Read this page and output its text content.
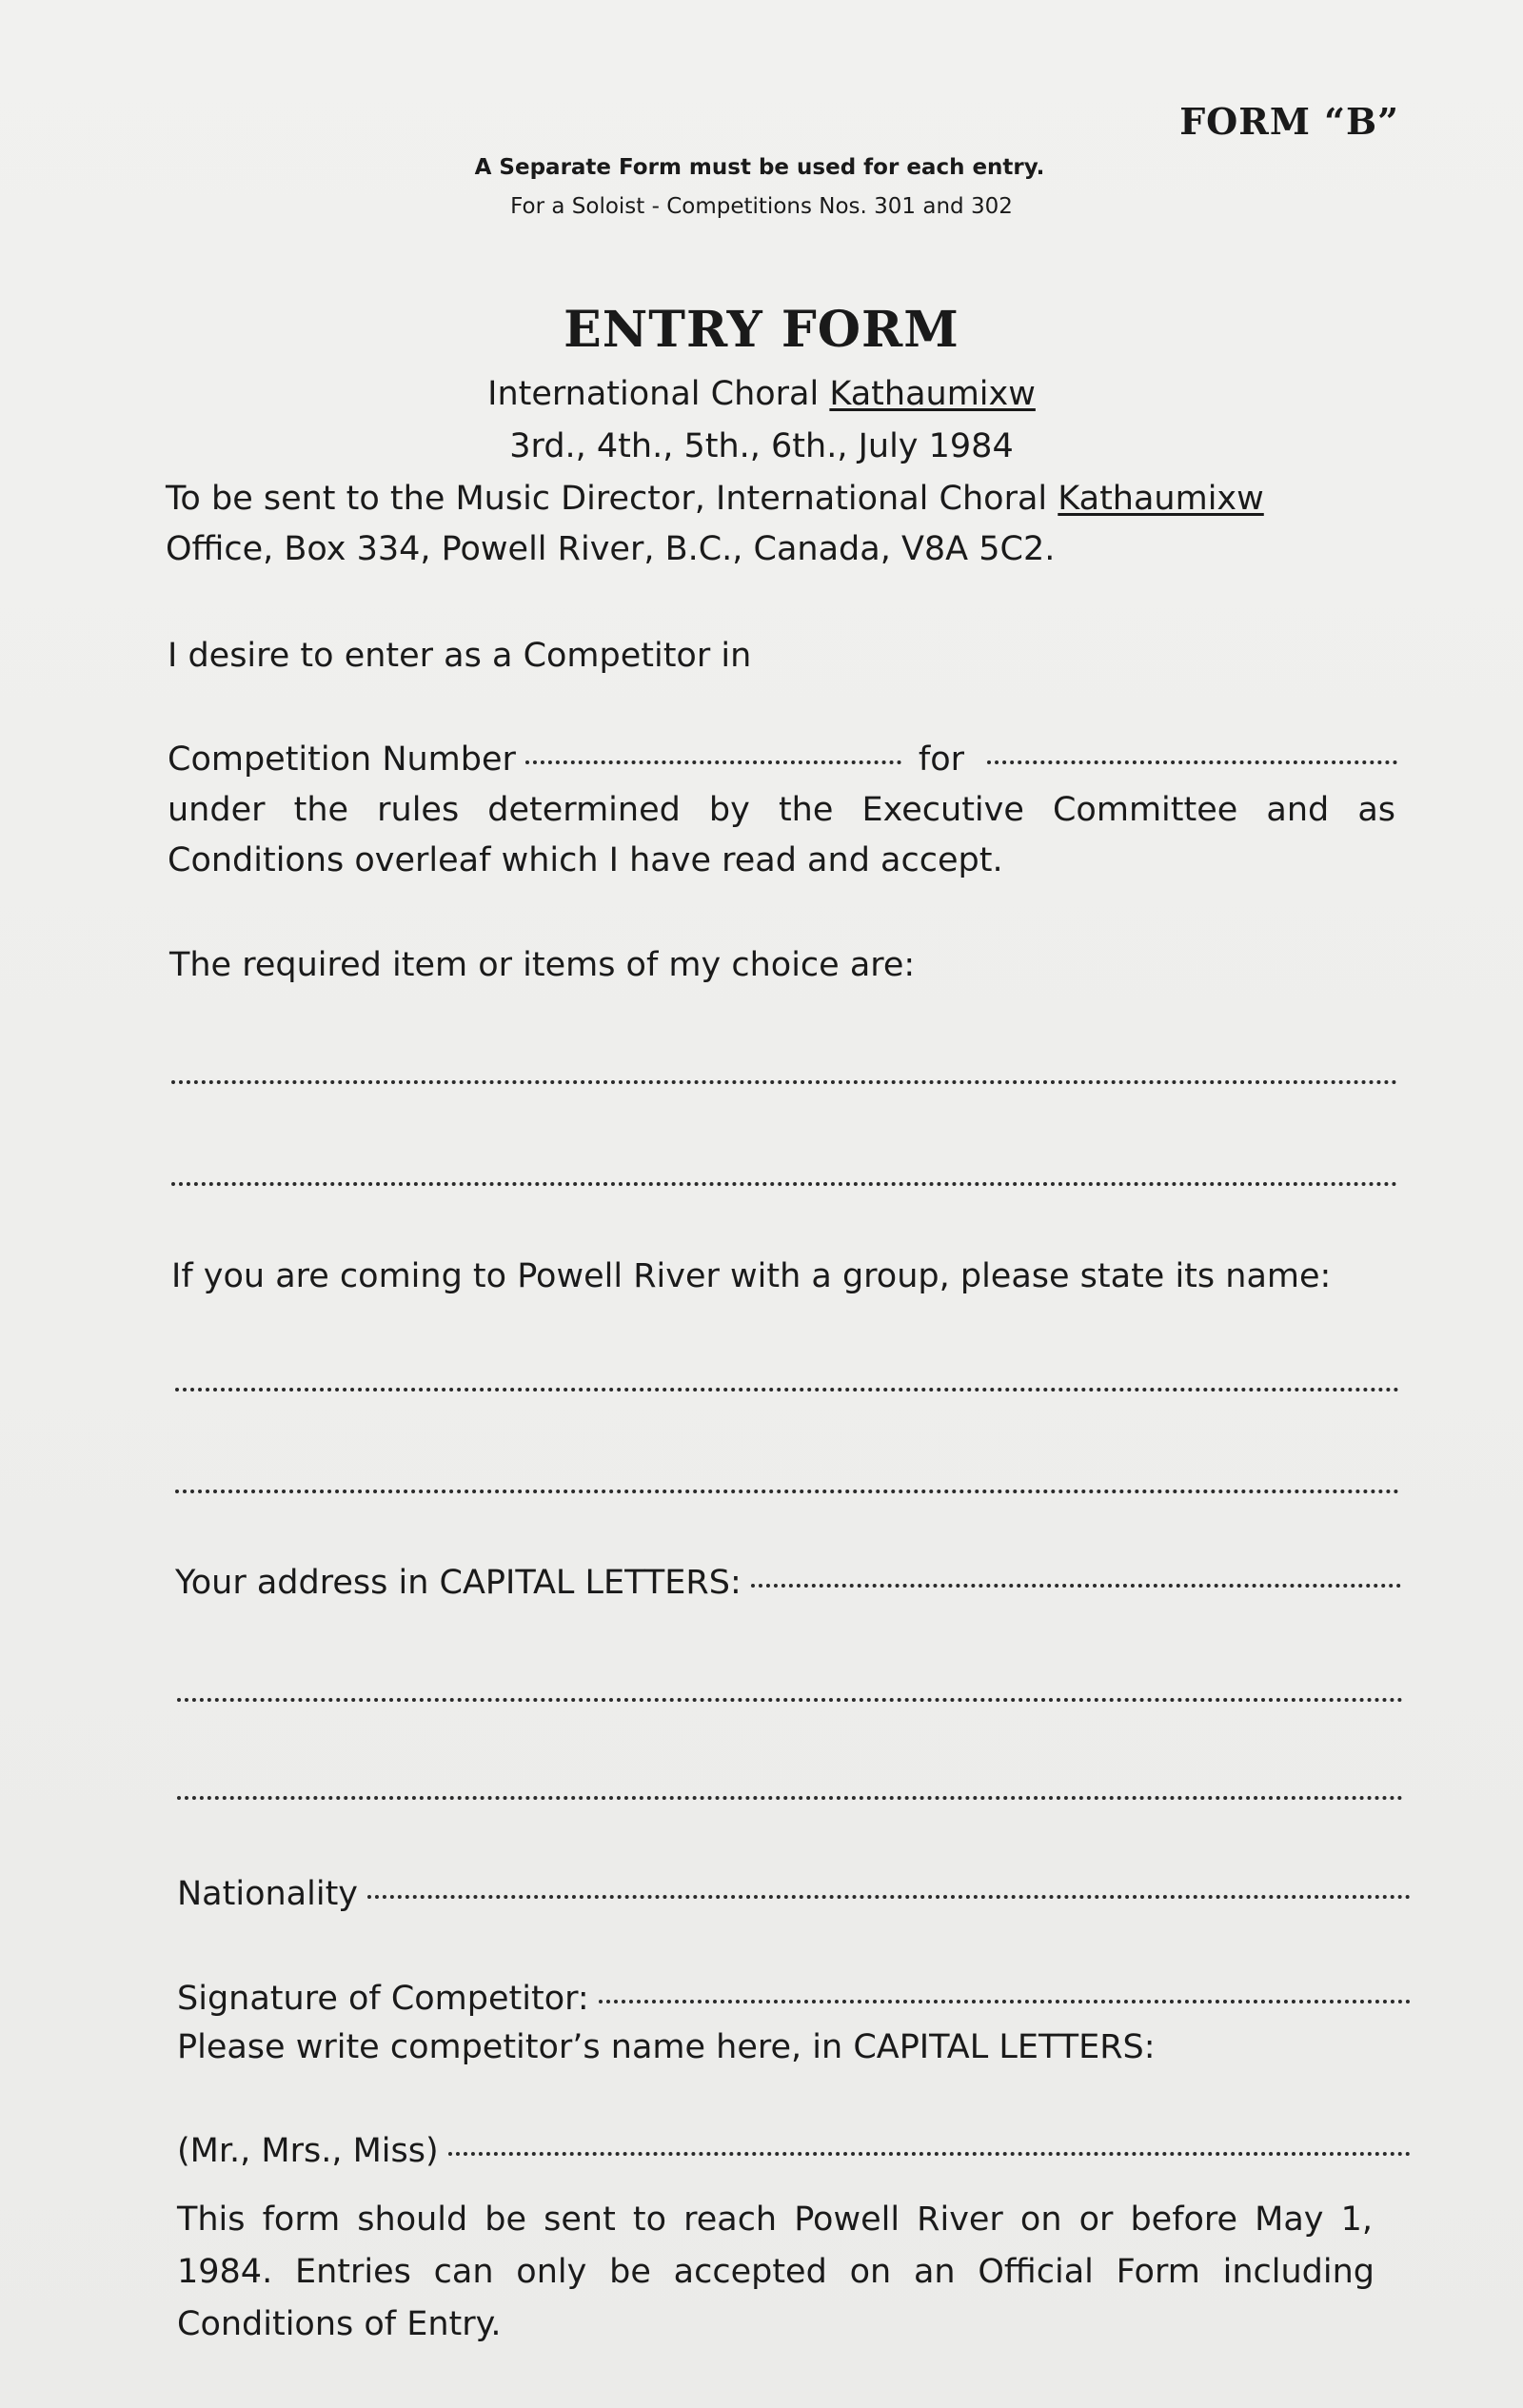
FORM “B”
A Separate Form must be used for each entry.
For a Soloist - Competitions Nos. 301 and 302
ENTRY FORM
International Choral Kathaumixw
3rd., 4th., 5th., 6th., July 1984
To be sent to the Music Director, International Choral Kathaumixw
Office, Box 334, Powell River, B.C., Canada, V8A 5C2.
I desire to enter as a Competitor in
Competition Number	for
under the rules determined by the Executive Committee and as
Conditions overleaf which I have read and accept.
The required item or items of my choice are:
If you are coming to Powell River with a group, please state its name:
Your address in CAPITAL LETTERS:
Nationality
Signature of Competitor:
Please write competitor’s name here, in CAPITAL LETTERS:
(Mr., Mrs., Miss)
This form should be sent to reach Powell River on or before May 1,
1984. Entries can only be accepted on an Official Form including
Conditions of Entry.
